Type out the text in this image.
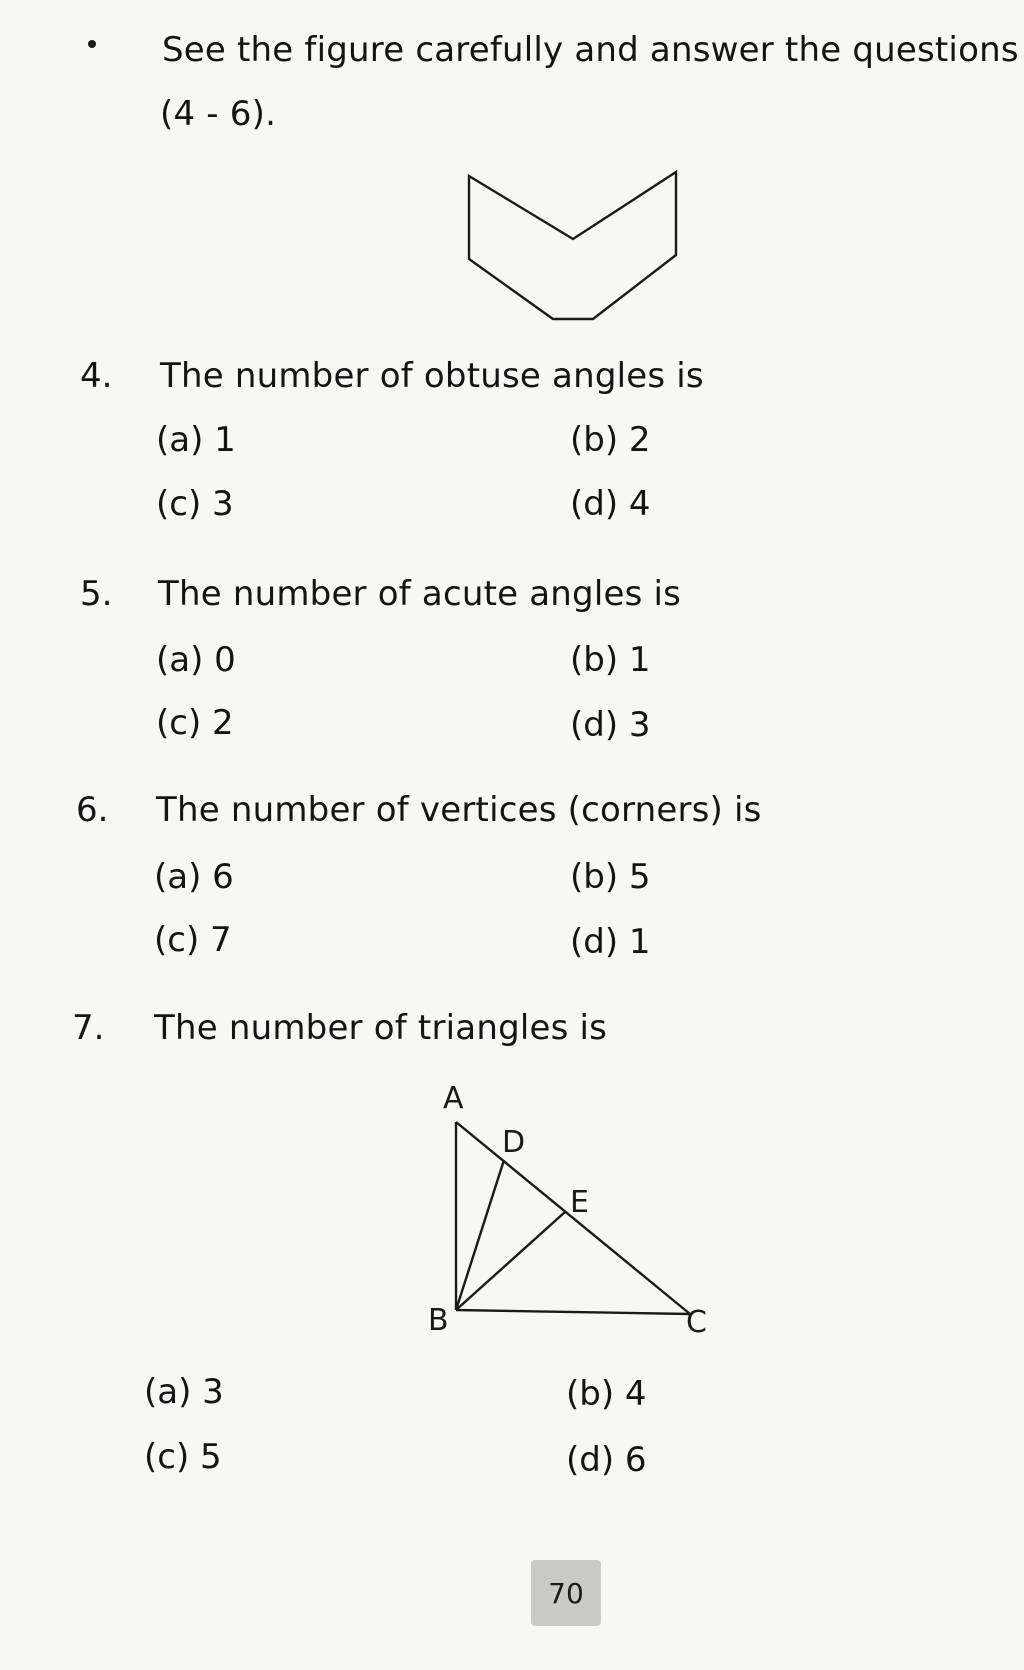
See the figure carefully and answer the questions
(4 - 6).
4. The number of obtuse angles is
(a) 1	(b) 2
(c) 3	(d) 4
5. The number of acute angles is
(a) 0	(b) 1
(c) 2	(d) 3
6. The number of vertices (corners) is
(a) 6	(b) 5
(c) 7	(d) 1
7. The number of triangles is
A
D
E
B	C
(a) 3	(b) 4
(c) 5	(d) 6
70
